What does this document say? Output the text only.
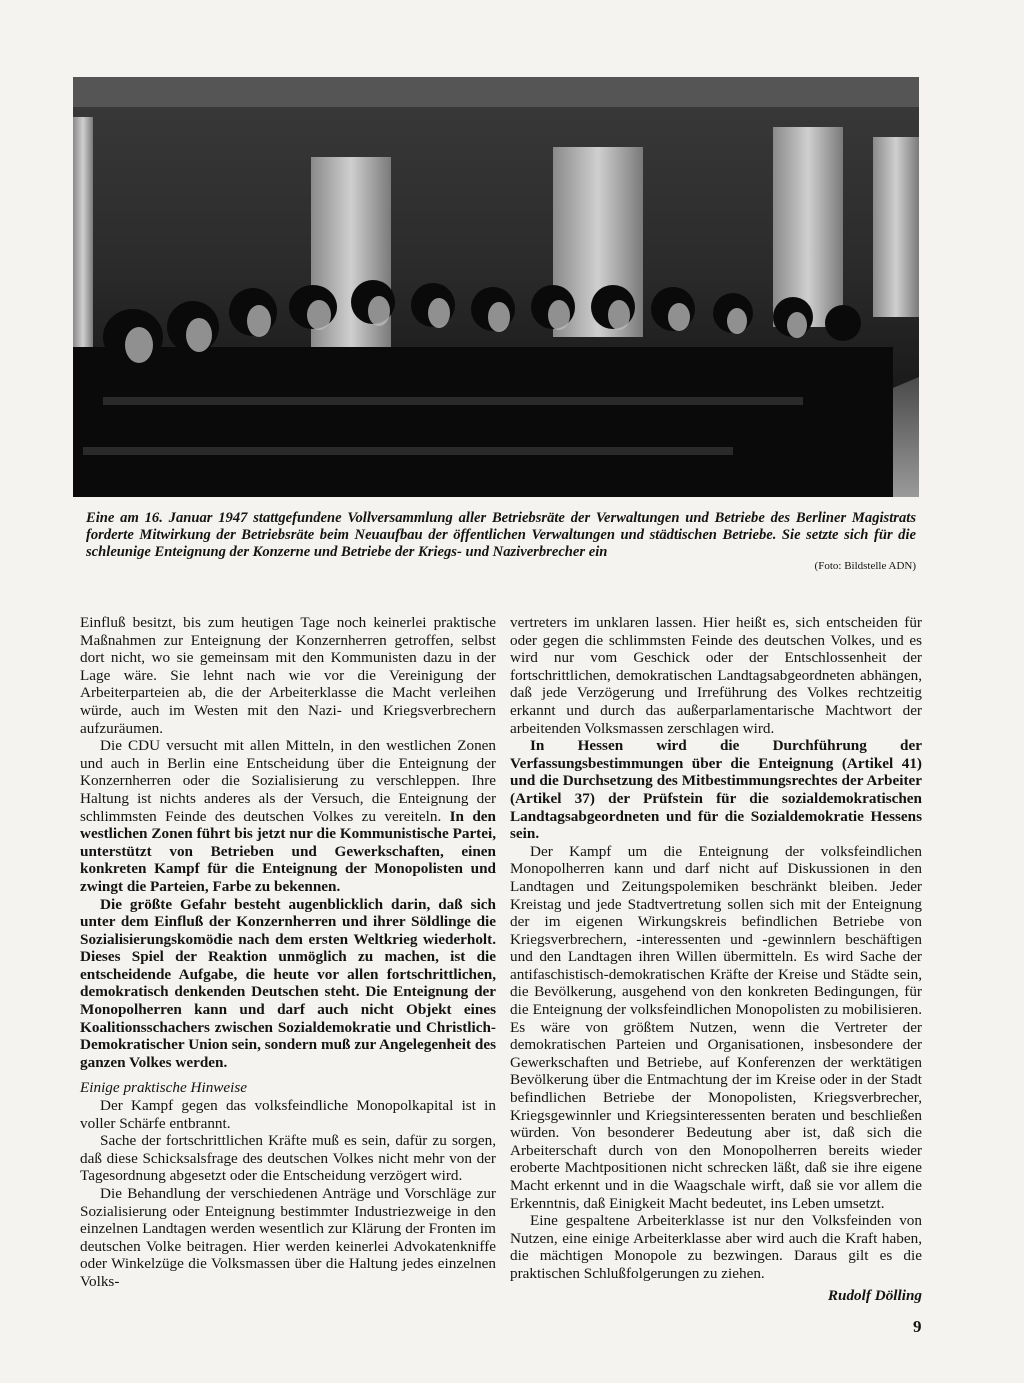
Eine am 16. Januar 1947 stattgefundene Vollversammlung aller Betriebsräte der Verwaltungen und Betriebe des Berliner Magistrats forderte Mitwirkung der Betriebsräte beim Neuaufbau der öffentlichen Verwaltungen und städtischen Betriebe. Sie setzte sich für die schleunige Enteignung der Konzerne und Betriebe der Kriegs- und Naziverbrecher ein
(Foto: Bildstelle ADN)

Einfluß besitzt, bis zum heutigen Tage noch keinerlei praktische Maßnahmen zur Enteignung der Konzernherren getroffen, selbst dort nicht, wo sie gemeinsam mit den Kommunisten dazu in der Lage wäre. Sie lehnt nach wie vor die Vereinigung der Arbeiterparteien ab, die der Arbeiterklasse die Macht verleihen würde, auch im Westen mit den Nazi- und Kriegsverbrechern aufzuräumen.

Die CDU versucht mit allen Mitteln, in den westlichen Zonen und auch in Berlin eine Entscheidung über die Enteignung der Konzernherren oder die Sozialisierung zu verschleppen. Ihre Haltung ist nichts anderes als der Versuch, die Enteignung der schlimmsten Feinde des deutschen Volkes zu vereiteln. In den westlichen Zonen führt bis jetzt nur die Kommunistische Partei, unterstützt von Betrieben und Gewerkschaften, einen konkreten Kampf für die Enteignung der Monopolisten und zwingt die Parteien, Farbe zu bekennen.

Die größte Gefahr besteht augenblicklich darin, daß sich unter dem Einfluß der Konzernherren und ihrer Söldlinge die Sozialisierungskomödie nach dem ersten Weltkrieg wiederholt. Dieses Spiel der Reaktion unmöglich zu machen, ist die entscheidende Aufgabe, die heute vor allen fortschrittlichen, demokratisch denkenden Deutschen steht. Die Enteignung der Monopolherren kann und darf auch nicht Objekt eines Koalitionsschachers zwischen Sozialdemokratie und Christlich-Demokratischer Union sein, sondern muß zur Angelegenheit des ganzen Volkes werden.

Einige praktische Hinweise

Der Kampf gegen das volksfeindliche Monopolkapital ist in voller Schärfe entbrannt.

Sache der fortschrittlichen Kräfte muß es sein, dafür zu sorgen, daß diese Schicksalsfrage des deutschen Volkes nicht mehr von der Tagesordnung abgesetzt oder die Entscheidung verzögert wird.

Die Behandlung der verschiedenen Anträge und Vorschläge zur Sozialisierung oder Enteignung bestimmter Industriezweige in den einzelnen Landtagen werden wesentlich zur Klärung der Fronten im deutschen Volke beitragen. Hier werden keinerlei Advokatenkniffe oder Winkelzüge die Volksmassen über die Haltung jedes einzelnen Volks-

vertreters im unklaren lassen. Hier heißt es, sich entscheiden für oder gegen die schlimmsten Feinde des deutschen Volkes, und es wird nur vom Geschick oder der Entschlossenheit der fortschrittlichen, demokratischen Landtagsabgeordneten abhängen, daß jede Verzögerung und Irreführung des Volkes rechtzeitig erkannt und durch das außerparlamentarische Machtwort der arbeitenden Volksmassen zerschlagen wird.

In Hessen wird die Durchführung der Verfassungsbestimmungen über die Enteignung (Artikel 41) und die Durchsetzung des Mitbestimmungsrechtes der Arbeiter (Artikel 37) der Prüfstein für die sozialdemokratischen Landtagsabgeordneten und für die Sozialdemokratie Hessens sein.

Der Kampf um die Enteignung der volksfeindlichen Monopolherren kann und darf nicht auf Diskussionen in den Landtagen und Zeitungspolemiken beschränkt bleiben. Jeder Kreistag und jede Stadtvertretung sollen sich mit der Enteignung der im eigenen Wirkungskreis befindlichen Betriebe von Kriegsverbrechern, -interessenten und -gewinnlern beschäftigen und den Landtagen ihren Willen übermitteln. Es wird Sache der antifaschistisch-demokratischen Kräfte der Kreise und Städte sein, die Bevölkerung, ausgehend von den konkreten Bedingungen, für die Enteignung der volksfeindlichen Monopolisten zu mobilisieren. Es wäre von größtem Nutzen, wenn die Vertreter der demokratischen Parteien und Organisationen, insbesondere der Gewerkschaften und Betriebe, auf Konferenzen der werktätigen Bevölkerung über die Entmachtung der im Kreise oder in der Stadt befindlichen Betriebe der Monopolisten, Kriegsverbrecher, Kriegsgewinnler und Kriegsinteressenten beraten und beschließen würden. Von besonderer Bedeutung aber ist, daß sich die Arbeiterschaft durch von den Monopolherren bereits wieder eroberte Machtpositionen nicht schrecken läßt, daß sie ihre eigene Macht erkennt und in die Waagschale wirft, daß sie vor allem die Erkenntnis, daß Einigkeit Macht bedeutet, ins Leben umsetzt.

Eine gespaltene Arbeiterklasse ist nur den Volksfeinden von Nutzen, eine einige Arbeiterklasse aber wird auch die Kraft haben, die mächtigen Monopole zu bezwingen. Daraus gilt es die praktischen Schlußfolgerungen zu ziehen.

Rudolf Dölling
9
